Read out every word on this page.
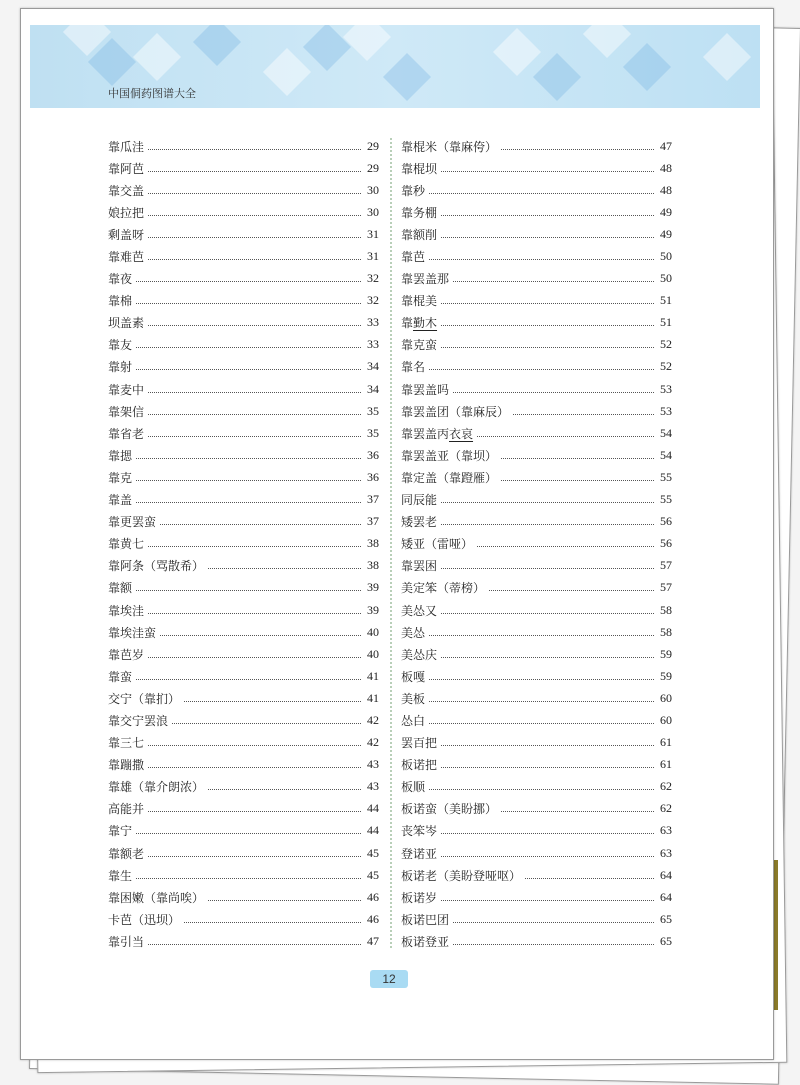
中国侗药图谱大全
靠瓜洼	29
靠阿芭	29
靠交盖	30
娘拉把	30
剩盖呀	31
靠难芭	31
靠夜	32
靠棉	32
坝盖素	33
靠友	33
靠射	34
靠麦中	34
靠架信	35
靠省老	35
靠揌	36
靠克	36
靠盖	37
靠更罢蛮	37
靠黄七	38
靠阿条（骂散希）	38
靠额	39
靠埃洼	39
靠埃洼蛮	40
靠芭岁	40
靠蛮	41
交宁（靠扪）	41
靠交宁罢浪	42
靠三七	42
靠蹦撒	43
靠雄（靠介朗浓）	43
高能并	44
靠宁	44
靠额老	45
靠生	45
靠困嫩（靠尚唉）	46
卡芭（迅坝）	46
靠引当	47
靠棍米（靠麻侉）	47
靠棍坝	48
靠秒	48
靠务棚	49
靠额削	49
靠芭	50
靠罢盖那	50
靠棍美	51
靠勤木	51
靠克蛮	52
靠名	52
靠罢盖吗	53
靠罢盖团（靠麻辰）	53
靠罢盖丙衣哀	54
靠罢盖亚（靠坝）	54
靠定盖（靠蹬雁）	55
同辰能	55
矮罢老	56
矮亚（雷哑）	56
靠罢困	57
美定笨（蒂榜）	57
美怂又	58
美怂	58
美怂庆	59
板嘎	59
美板	60
怂白	60
罢百把	61
板诺把	61
板顺	62
板诺蛮（美盼挪）	62
丧笨岑	63
登诺亚	63
板诺老（美盼登哑呕）	64
板诺岁	64
板诺巴团	65
板诺登亚	65
12
